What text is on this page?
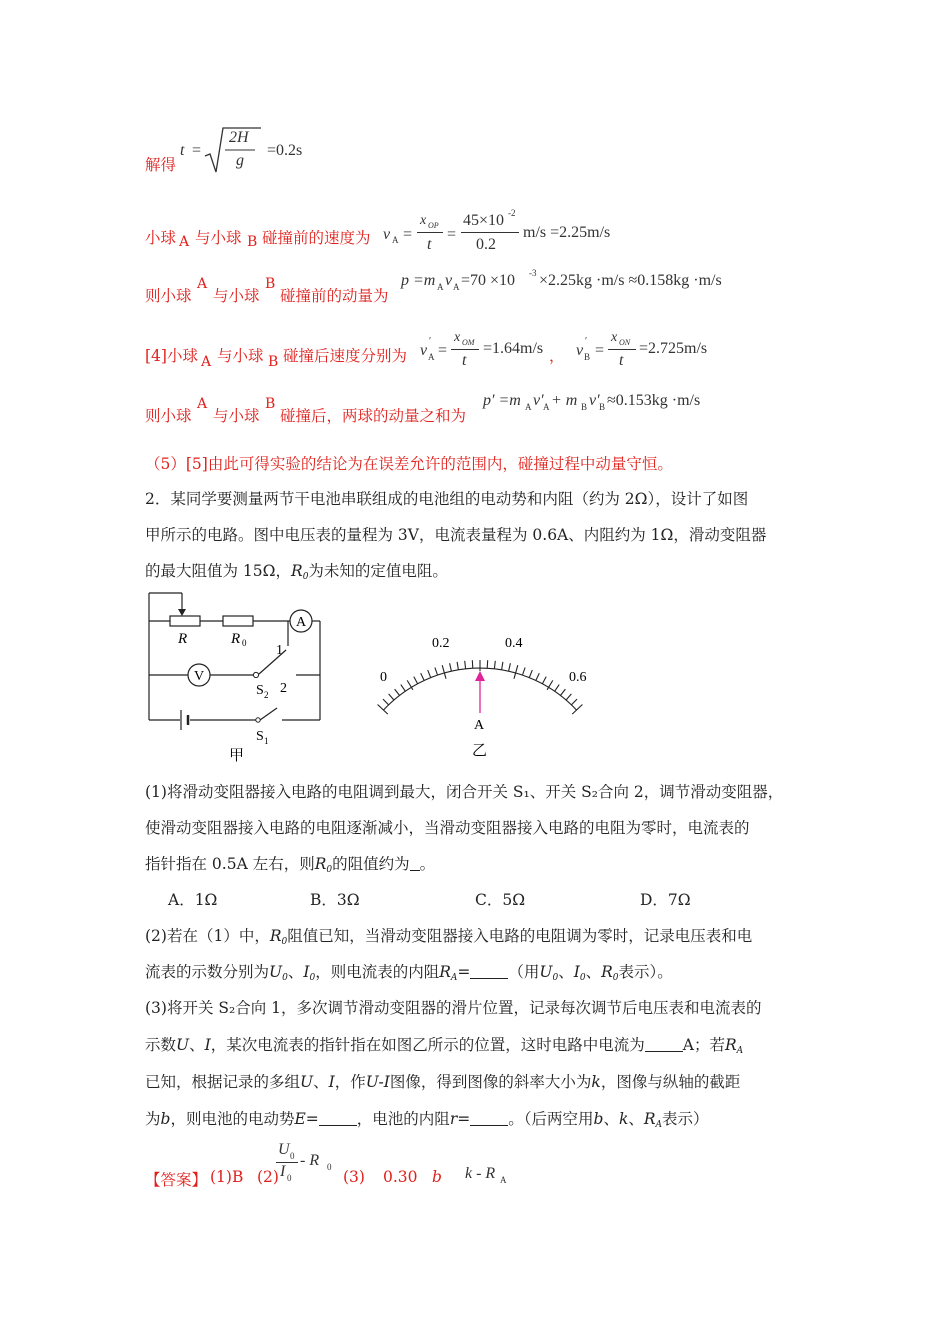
解得
t =
2H
g
=0.2s
小球 A 与小球 B 碰撞前的速度为 v A =
x OP
t
=
45×10 -2
0.2
m/s =2.25m/s
则小球
A
与小球
B
碰撞前的动量为
p =m A v A =70 ×10 -3 ×2.25kg ·m/s ≈0.158kg ·m/s
[4]小球 A 与小球 B 碰撞后速度分别为 v
′
A =
x OM
t
=1.64m/s ， v
′
B =
x ON
t
=2.725m/s
则小球
A
与小球
B
碰撞后，两球的动量之和为
p′ =m A v′ A + m B v′ B ≈0.153kg ·m/s
（5）[5]由此可得实验的结论为在误差允许的范围内，碰撞过程中动量守恒。
2．某同学要测量两节干电池串联组成的电池组的电动势和内阻（约为 2Ω），设计了如图
甲所示的电路。图中电压表的量程为 3V，电流表量程为 0.6A、内阻约为 1Ω，滑动变阻器
的最大阻值为 15Ω，$R_0$为未知的定值电阻。
A
V
R	R 0 1
2
S 2
S 1
甲
0
0.2	0.4
0.6
A
乙
(1)将滑动变阻器接入电路的电阻调到最大，闭合开关 S₁、开关 S₂合向 2，调节滑动变阻器，
使滑动变阻器接入电路的电阻逐渐减小，当滑动变阻器接入电路的电阻为零时，电流表的
指针指在 0.5A 左右，则$R_0$的阻值约为 。
A．1Ω	B．3Ω	C．5Ω	D．7Ω
(2)若在（1）中，$R_0$阻值已知，当滑动变阻器接入电路的电阻调为零时，记录电压表和电
流表的示数分别为$U_0$、$I_0$，则电流表的内阻$R_A=$ （用$U_0$、$I_0$、$R_0$表示）。
(3)将开关 S₂合向 1，多次调节滑动变阻器的滑片位置，记录每次调节后电压表和电流表的
示数U、I，某次电流表的指针指在如图乙所示的位置，这时电路中电流为 A；若$R_A$
已知，根据记录的多组U、I，作U-I图像，得到图像的斜率大小为k，图像与纵轴的截距
为b，则电池的电动势E= ，电池的内阻r= 。（后两空用b、k、$R_A$表示）
【答案】 (1)B (2)
U 0
I 0
- R 0
(3) 0.30 b k - R A
